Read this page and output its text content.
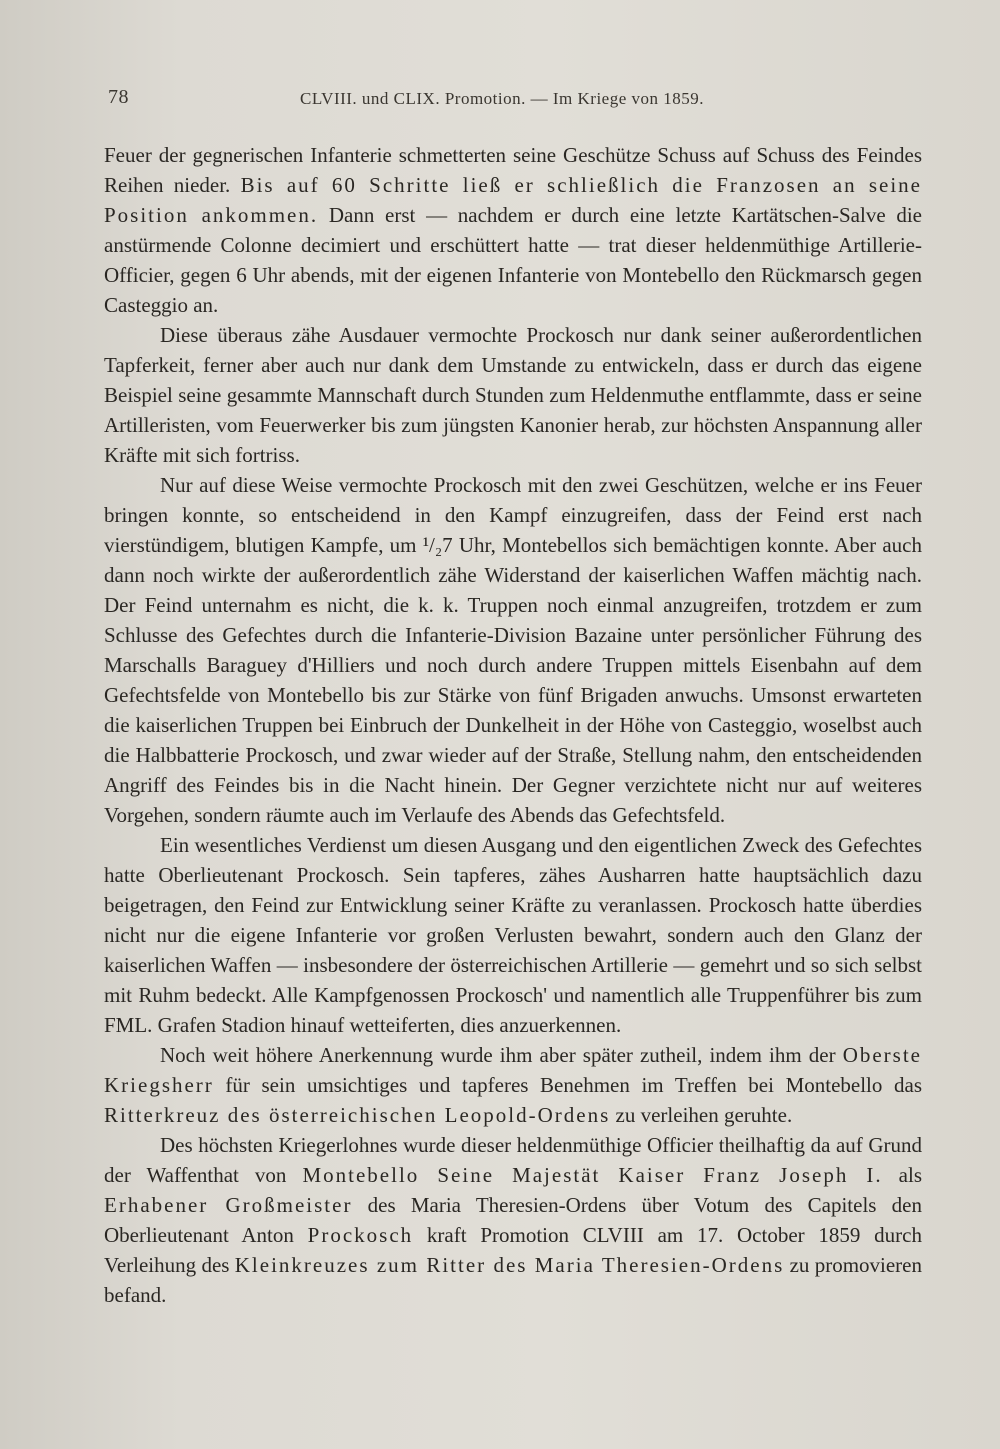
78	CLVIII. und CLIX. Promotion. — Im Kriege von 1859.

Feuer der gegnerischen Infanterie schmetterten seine Geschütze Schuss auf Schuss des Feindes Reihen nieder. Bis auf 60 Schritte ließ er schließlich die Franzosen an seine Position ankommen. Dann erst — nachdem er durch eine letzte Kartätschen-Salve die anstürmende Colonne decimiert und erschüttert hatte — trat dieser heldenmüthige Artillerie-Officier, gegen 6 Uhr abends, mit der eigenen Infanterie von Montebello den Rückmarsch gegen Casteggio an.

Diese überaus zähe Ausdauer vermochte Prockosch nur dank seiner außerordentlichen Tapferkeit, ferner aber auch nur dank dem Umstande zu entwickeln, dass er durch das eigene Beispiel seine gesammte Mannschaft durch Stunden zum Heldenmuthe entflammte, dass er seine Artilleristen, vom Feuerwerker bis zum jüngsten Kanonier herab, zur höchsten Anspannung aller Kräfte mit sich fortriss.

Nur auf diese Weise vermochte Prockosch mit den zwei Geschützen, welche er ins Feuer bringen konnte, so entscheidend in den Kampf einzugreifen, dass der Feind erst nach vierstündigem, blutigen Kampfe, um ¹/₂7 Uhr, Montebellos sich bemächtigen konnte. Aber auch dann noch wirkte der außerordentlich zähe Widerstand der kaiserlichen Waffen mächtig nach. Der Feind unternahm es nicht, die k. k. Truppen noch einmal anzugreifen, trotzdem er zum Schlusse des Gefechtes durch die Infanterie-Division Bazaine unter persönlicher Führung des Marschalls Baraguey d'Hilliers und noch durch andere Truppen mittels Eisenbahn auf dem Gefechtsfelde von Montebello bis zur Stärke von fünf Brigaden anwuchs. Umsonst erwarteten die kaiserlichen Truppen bei Einbruch der Dunkelheit in der Höhe von Casteggio, woselbst auch die Halbbatterie Prockosch, und zwar wieder auf der Straße, Stellung nahm, den entscheidenden Angriff des Feindes bis in die Nacht hinein. Der Gegner verzichtete nicht nur auf weiteres Vorgehen, sondern räumte auch im Verlaufe des Abends das Gefechtsfeld.

Ein wesentliches Verdienst um diesen Ausgang und den eigentlichen Zweck des Gefechtes hatte Oberlieutenant Prockosch. Sein tapferes, zähes Ausharren hatte hauptsächlich dazu beigetragen, den Feind zur Entwicklung seiner Kräfte zu veranlassen. Prockosch hatte überdies nicht nur die eigene Infanterie vor großen Verlusten bewahrt, sondern auch den Glanz der kaiserlichen Waffen — insbesondere der österreichischen Artillerie — gemehrt und so sich selbst mit Ruhm bedeckt. Alle Kampfgenossen Prockosch' und namentlich alle Truppenführer bis zum FML. Grafen Stadion hinauf wetteiferten, dies anzuerkennen.

Noch weit höhere Anerkennung wurde ihm aber später zutheil, indem ihm der Oberste Kriegsherr für sein umsichtiges und tapferes Benehmen im Treffen bei Montebello das Ritterkreuz des österreichischen Leopold-Ordens zu verleihen geruhte.

Des höchsten Kriegerlohnes wurde dieser heldenmüthige Officier theilhaftig da auf Grund der Waffenthat von Montebello Seine Majestät Kaiser Franz Joseph I. als Erhabener Großmeister des Maria Theresien-Ordens über Votum des Capitels den Oberlieutenant Anton Prockosch kraft Promotion CLVIII am 17. October 1859 durch Verleihung des Kleinkreuzes zum Ritter des Maria Theresien-Ordens zu promovieren befand.
